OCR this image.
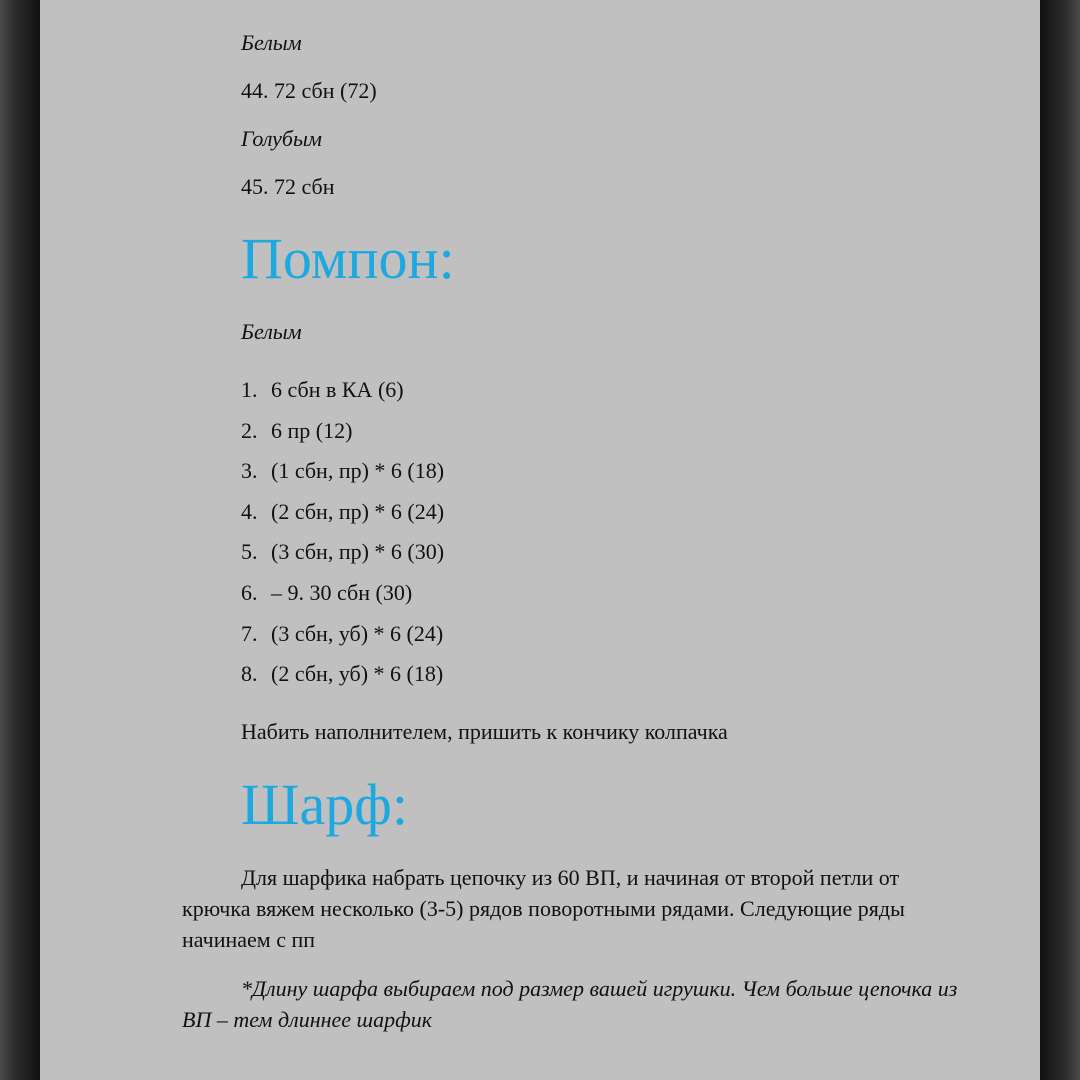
Белым
44. 72 сбн (72)
Голубым
45. 72 сбн
Помпон:
Белым
1. 6 сбн в КА (6)
2. 6 пр (12)
3. (1 сбн, пр) * 6 (18)
4. (2 сбн, пр) * 6 (24)
5. (3 сбн, пр) * 6 (30)
6. – 9. 30 сбн (30)
7. (3 сбн, уб) * 6 (24)
8. (2 сбн, уб) * 6 (18)
Набить наполнителем, пришить к кончику колпачка
Шарф:

Для шарфика набрать цепочку из 60 ВП, и начиная от второй петли от крючка вяжем несколько (3-5) рядов поворотными рядами. Следующие ряды начинаем с пп

*Длину шарфа выбираем под размер вашей игрушки. Чем больше цепочка из ВП – тем длиннее шарфик
